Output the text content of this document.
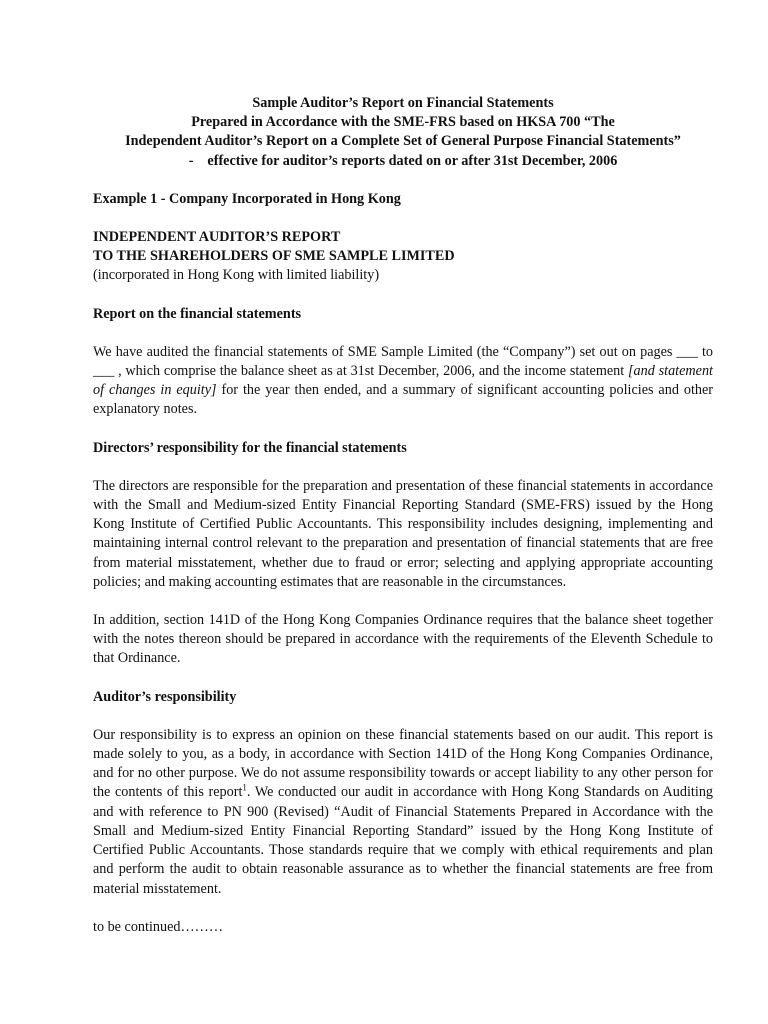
Sample Auditor’s Report on Financial Statements
Prepared in Accordance with the SME-FRS based on HKSA 700 “The
Independent Auditor’s Report on a Complete Set of General Purpose Financial Statements”
- effective for auditor’s reports dated on or after 31st December, 2006
Example 1 - Company Incorporated in Hong Kong
INDEPENDENT AUDITOR’S REPORT
TO THE SHAREHOLDERS OF SME SAMPLE LIMITED
(incorporated in Hong Kong with limited liability)
Report on the financial statements

We have audited the financial statements of SME Sample Limited (the “Company”) set out on pages ___ to ___ , which comprise the balance sheet as at 31st December, 2006, and the income statement [and statement of changes in equity] for the year then ended, and a summary of significant accounting policies and other explanatory notes.

Directors’ responsibility for the financial statements

The directors are responsible for the preparation and presentation of these financial statements in accordance with the Small and Medium-sized Entity Financial Reporting Standard (SME-FRS) issued by the Hong Kong Institute of Certified Public Accountants. This responsibility includes designing, implementing and maintaining internal control relevant to the preparation and presentation of financial statements that are free from material misstatement, whether due to fraud or error; selecting and applying appropriate accounting policies; and making accounting estimates that are reasonable in the circumstances.

In addition, section 141D of the Hong Kong Companies Ordinance requires that the balance sheet together with the notes thereon should be prepared in accordance with the requirements of the Eleventh Schedule to that Ordinance.

Auditor’s responsibility

Our responsibility is to express an opinion on these financial statements based on our audit. This report is made solely to you, as a body, in accordance with Section 141D of the Hong Kong Companies Ordinance, and for no other purpose. We do not assume responsibility towards or accept liability to any other person for the contents of this report$^1$. We conducted our audit in accordance with Hong Kong Standards on Auditing and with reference to PN 900 (Revised) “Audit of Financial Statements Prepared in Accordance with the Small and Medium-sized Entity Financial Reporting Standard” issued by the Hong Kong Institute of Certified Public Accountants. Those standards require that we comply with ethical requirements and plan and perform the audit to obtain reasonable assurance as to whether the financial statements are free from material misstatement.

to be continued………
